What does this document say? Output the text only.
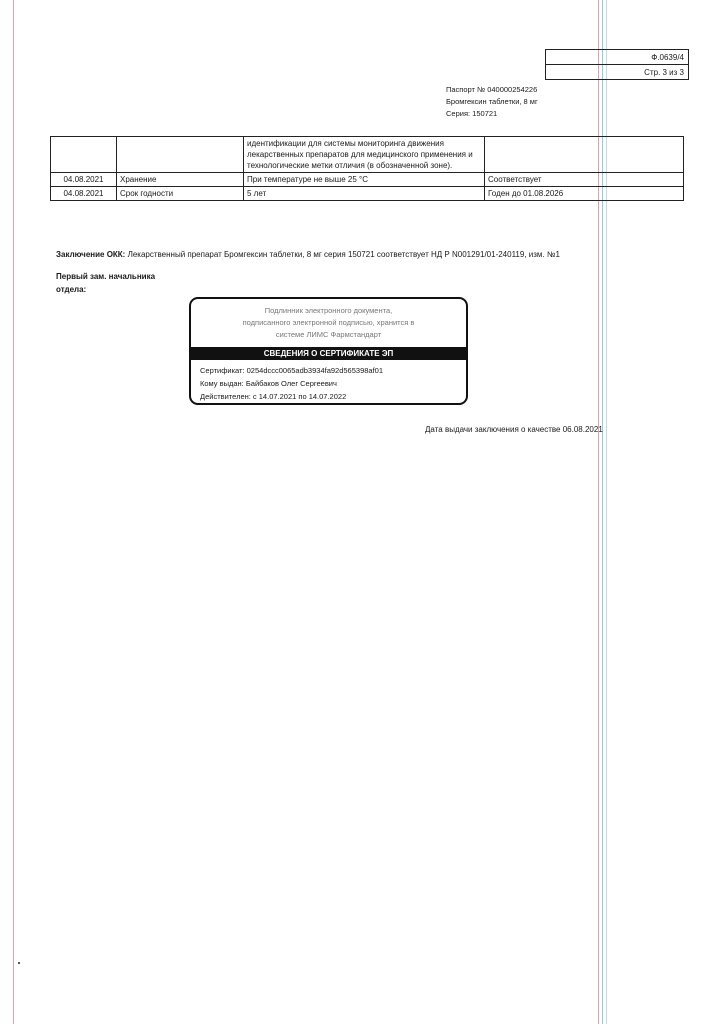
Ф.0639/4
Стр. 3 из 3
Паспорт № 040000254226
Бромгексин таблетки, 8 мг
Серия: 150721
		идентификации для системы мониторинга движения лекарственных препаратов для медицинского применения и технологические метки отличия (в обозначенной зоне).	
04.08.2021	Хранение	При температуре не выше 25 °С	Соответствует
04.08.2021	Срок годности	5 лет	Годен до 01.08.2026
Заключение ОКК: Лекарственный препарат Бромгексин таблетки, 8 мг серия 150721 соответствует НД Р N001291/01-240119, изм. №1
Первый зам. начальника
отдела:
Подлинник электронного документа,
подписанного электронной подписью, хранится в
системе ЛИМС Фармстандарт
СВЕДЕНИЯ О СЕРТИФИКАТЕ ЭП
Сертификат: 0254dccc0065adb3934fa92d565398af01
Кому выдан: Байбаков Олег Сергеевич
Действителен: с 14.07.2021 по 14.07.2022
Дата выдачи заключения о качестве 06.08.2021
